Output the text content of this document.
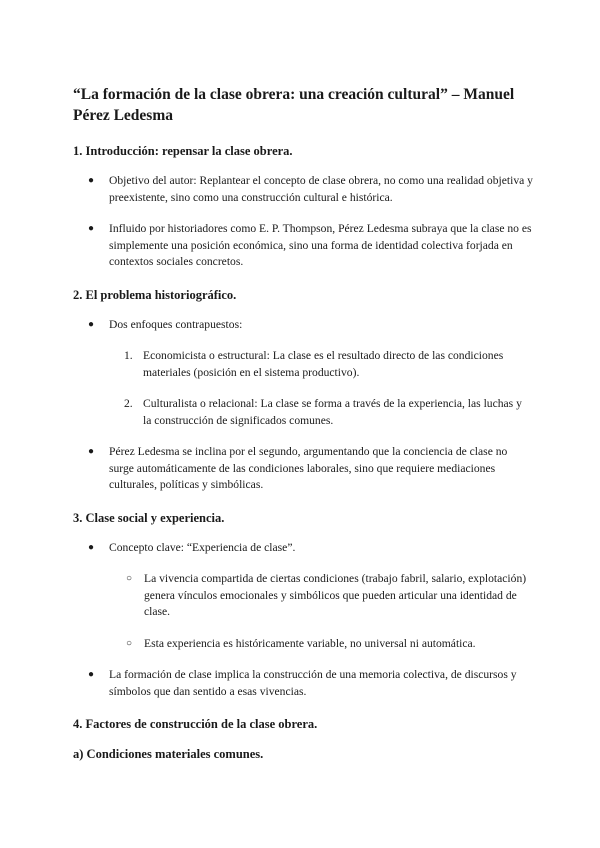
“La formación de la clase obrera: una creación cultural” – Manuel Pérez Ledesma
1. Introducción: repensar la clase obrera.
● Objetivo del autor: Replantear el concepto de clase obrera, no como una realidad objetiva y preexistente, sino como una construcción cultural e histórica.
● Influido por historiadores como E. P. Thompson, Pérez Ledesma subraya que la clase no es simplemente una posición económica, sino una forma de identidad colectiva forjada en contextos sociales concretos.
2. El problema historiográfico.
● Dos enfoques contrapuestos:
1. Economicista o estructural: La clase es el resultado directo de las condiciones materiales (posición en el sistema productivo).
2. Culturalista o relacional: La clase se forma a través de la experiencia, las luchas y la construcción de significados comunes.
● Pérez Ledesma se inclina por el segundo, argumentando que la conciencia de clase no surge automáticamente de las condiciones laborales, sino que requiere mediaciones culturales, políticas y simbólicas.
3. Clase social y experiencia.
● Concepto clave: “Experiencia de clase”.
○ La vivencia compartida de ciertas condiciones (trabajo fabril, salario, explotación) genera vínculos emocionales y simbólicos que pueden articular una identidad de clase.
○ Esta experiencia es históricamente variable, no universal ni automática.
● La formación de clase implica la construcción de una memoria colectiva, de discursos y símbolos que dan sentido a esas vivencias.
4. Factores de construcción de la clase obrera.
a) Condiciones materiales comunes.
